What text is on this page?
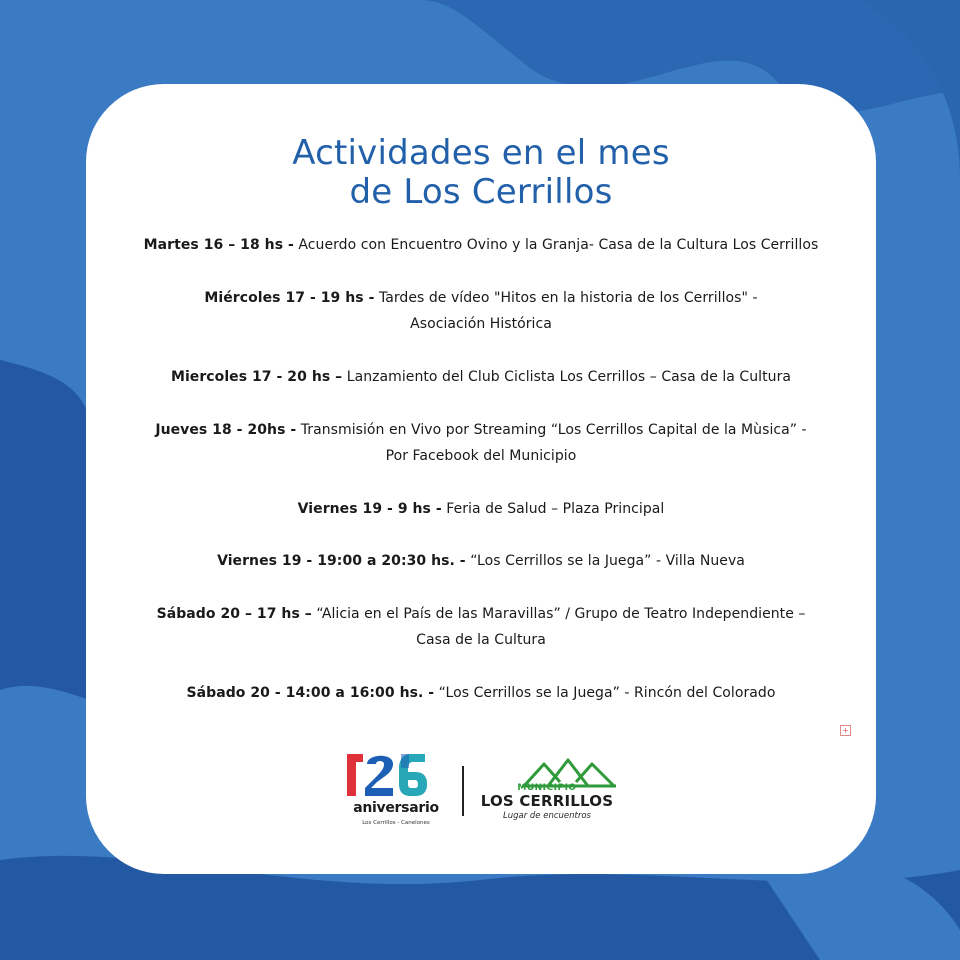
Actividades en el mes
de Los Cerrillos
Martes 16 – 18 hs - Acuerdo con Encuentro Ovino y la Granja- Casa de la Cultura Los Cerrillos
Miércoles 17 - 19 hs - Tardes de vídeo "Hitos en la historia de los Cerrillos" -
Asociación Histórica
Miercoles 17 - 20 hs – Lanzamiento del Club Ciclista Los Cerrillos – Casa de la Cultura
Jueves 18 - 20hs - Transmisión en Vivo por Streaming “Los Cerrillos Capital de la Mùsica” -
Por Facebook del Municipio
Viernes 19 - 9 hs - Feria de Salud – Plaza Principal
Viernes 19 - 19:00 a 20:30 hs. - “Los Cerrillos se la Juega” - Villa Nueva
Sábado 20 – 17 hs – “Alicia en el País de las Maravillas” / Grupo de Teatro Independiente –
Casa de la Cultura
Sábado 20 - 14:00 a 16:00 hs. - “Los Cerrillos se la Juega” - Rincón del Colorado
+
aniversario
Los Cerrillos - Canelones
MUNICIPIO
LOS CERRILLOS
Lugar de encuentros
